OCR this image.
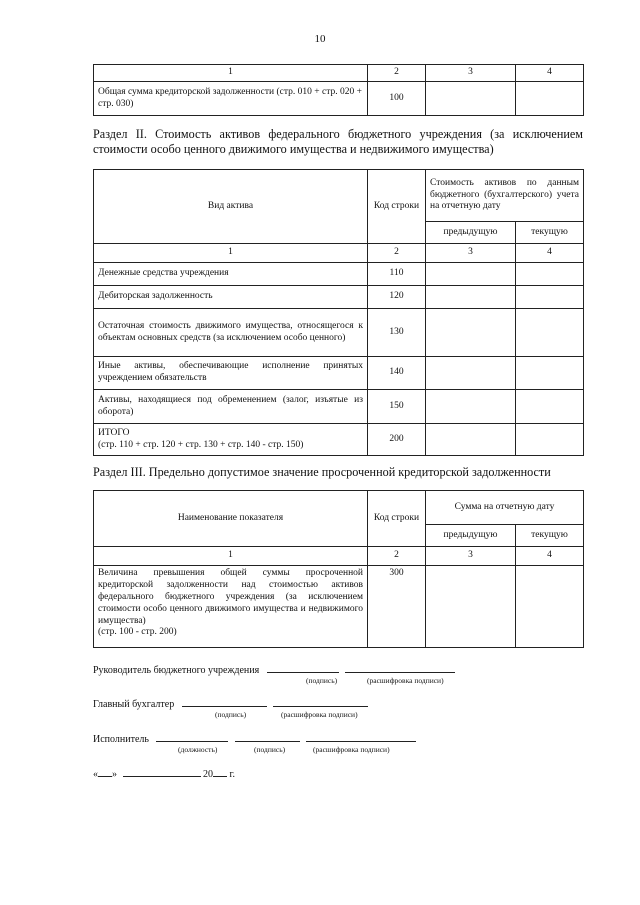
10
1	2	3	4
Общая сумма кредиторской задолженности (стр. 010 + стр. 020 + стр. 030)	100		
Раздел II. Стоимость активов федерального бюджетного учреждения (за исключением стоимости особо ценного движимого имущества и недвижимого имущества)
Вид актива	Код строки	Стоимость активов по данным бюджетного (бухгалтерского) учета на отчетную дату	
		предыдущую	текущую
1	2	3	4
Денежные средства учреждения	110		
Дебиторская задолженность	120		
Остаточная стоимость движимого имущества, относящегося к объектам основных средств (за исключением особо ценного)	130		
Иные активы, обеспечивающие исполнение принятых учреждением обязательств	140		
Активы, находящиеся под обременением (залог, изъятые из оборота)	150		

ИТОГО
(стр. 110 + стр. 120 + стр. 130 + стр. 140 - стр. 150)	200		
Раздел III. Предельно допустимое значение просроченной кредиторской задолженности
Наименование показателя	Код строки	Сумма на отчетную дату	
		предыдущую	текущую
1	2	3	4

Величина превышения общей суммы просроченной кредиторской задолженности над стоимостью активов федерального бюджетного учреждения (за исключением стоимости особо ценного движимого имущества и недвижимого имущества)
(стр. 100 - стр. 200)	300		
Руководитель бюджетного учреждения
(подпись)	(расшифровка подписи)
Главный бухгалтер
(подпись)	(расшифровка подписи)
Исполнитель
(должность)	(подпись)	(расшифровка подписи)
« »	20 г.
